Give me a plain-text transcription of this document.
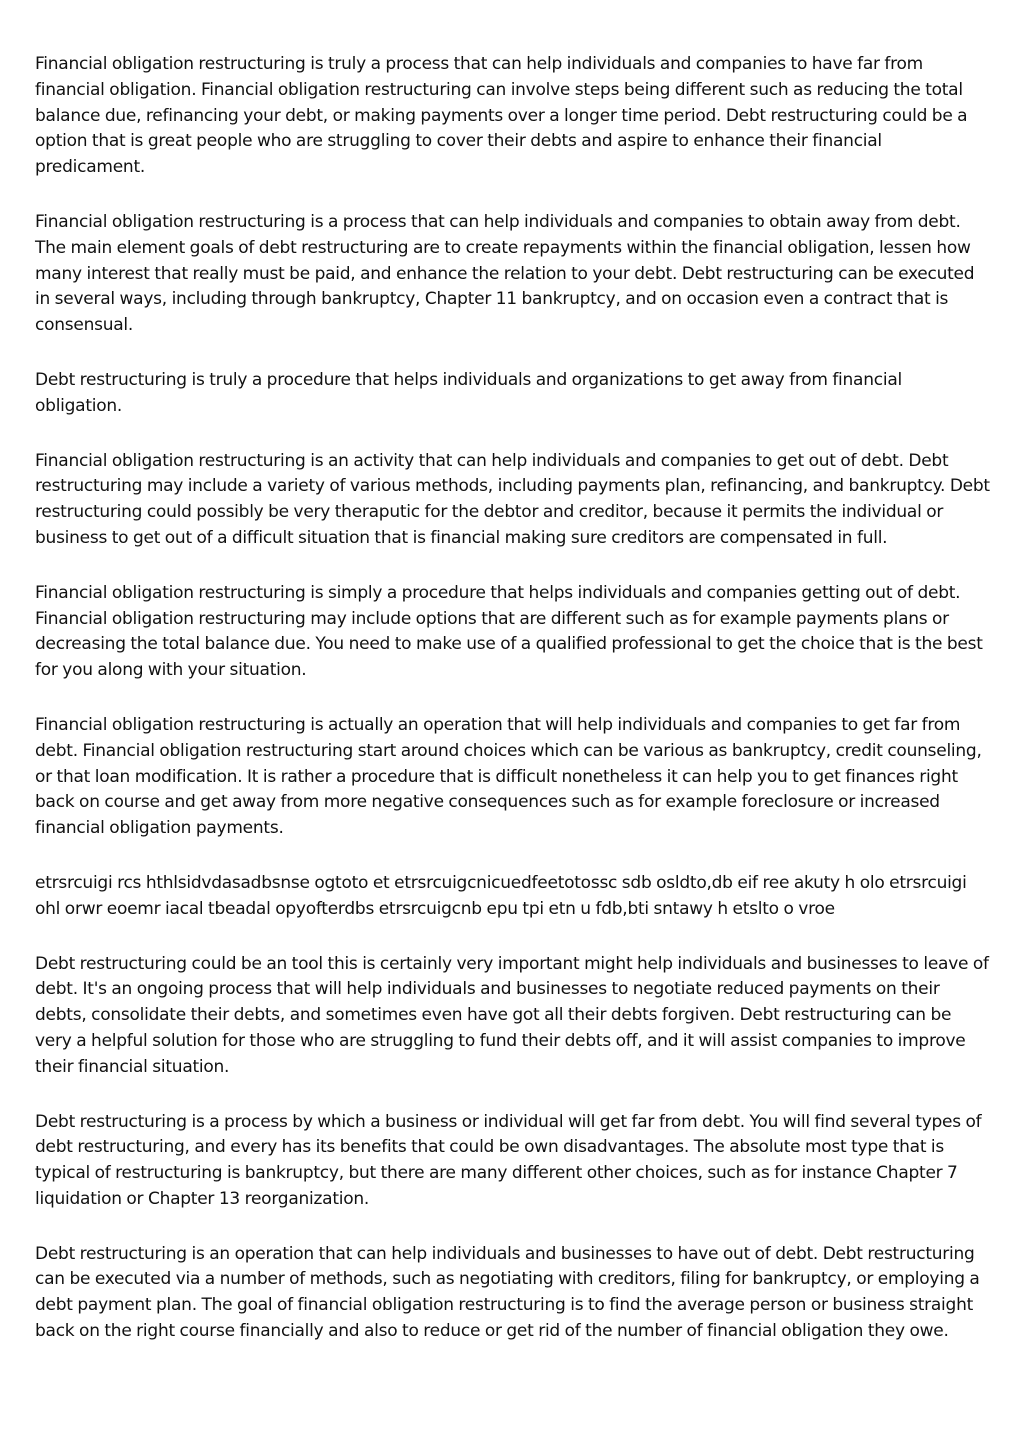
Financial obligation restructuring is truly a process that can help individuals and companies to have far from financial obligation. Financial obligation restructuring can involve steps being different such as reducing the total balance due, refinancing your debt, or making payments over a longer time period. Debt restructuring could be a option that is great people who are struggling to cover their debts and aspire to enhance their financial predicament.

Financial obligation restructuring is a process that can help individuals and companies to obtain away from debt. The main element goals of debt restructuring are to create repayments within the financial obligation, lessen how many interest that really must be paid, and enhance the relation to your debt. Debt restructuring can be executed in several ways, including through bankruptcy, Chapter 11 bankruptcy, and on occasion even a contract that is consensual.

Debt restructuring is truly a procedure that helps individuals and organizations to get away from financial obligation.

Financial obligation restructuring is an activity that can help individuals and companies to get out of debt. Debt restructuring may include a variety of various methods, including payments plan, refinancing, and bankruptcy. Debt restructuring could possibly be very theraputic for the debtor and creditor, because it permits the individual or business to get out of a difficult situation that is financial making sure creditors are compensated in full.

Financial obligation restructuring is simply a procedure that helps individuals and companies getting out of debt. Financial obligation restructuring may include options that are different such as for example payments plans or decreasing the total balance due. You need to make use of a qualified professional to get the choice that is the best for you along with your situation.

Financial obligation restructuring is actually an operation that will help individuals and companies to get far from debt. Financial obligation restructuring start around choices which can be various as bankruptcy, credit counseling, or that loan modification. It is rather a procedure that is difficult nonetheless it can help you to get finances right back on course and get away from more negative consequences such as for example foreclosure or increased financial obligation payments.

etrsrcuigi rcs hthlsidvdasadbsnse ogtoto et etrsrcuigcnicuedfeetotossc sdb osldto,db eif ree akuty h olo etrsrcuigi ohl orwr eoemr iacal tbeadal opyofterdbs etrsrcuigcnb epu tpi etn u fdb,bti sntawy h etslto o vroe

Debt restructuring could be an tool this is certainly very important might help individuals and businesses to leave of debt. It's an ongoing process that will help individuals and businesses to negotiate reduced payments on their debts, consolidate their debts, and sometimes even have got all their debts forgiven. Debt restructuring can be very a helpful solution for those who are struggling to fund their debts off, and it will assist companies to improve their financial situation.

Debt restructuring is a process by which a business or individual will get far from debt. You will find several types of debt restructuring, and every has its benefits that could be own disadvantages. The absolute most type that is typical of restructuring is bankruptcy, but there are many different other choices, such as for instance Chapter 7 liquidation or Chapter 13 reorganization.

Debt restructuring is an operation that can help individuals and businesses to have out of debt. Debt restructuring can be executed via a number of methods, such as negotiating with creditors, filing for bankruptcy, or employing a debt payment plan. The goal of financial obligation restructuring is to find the average person or business straight back on the right course financially and also to reduce or get rid of the number of financial obligation they owe.
